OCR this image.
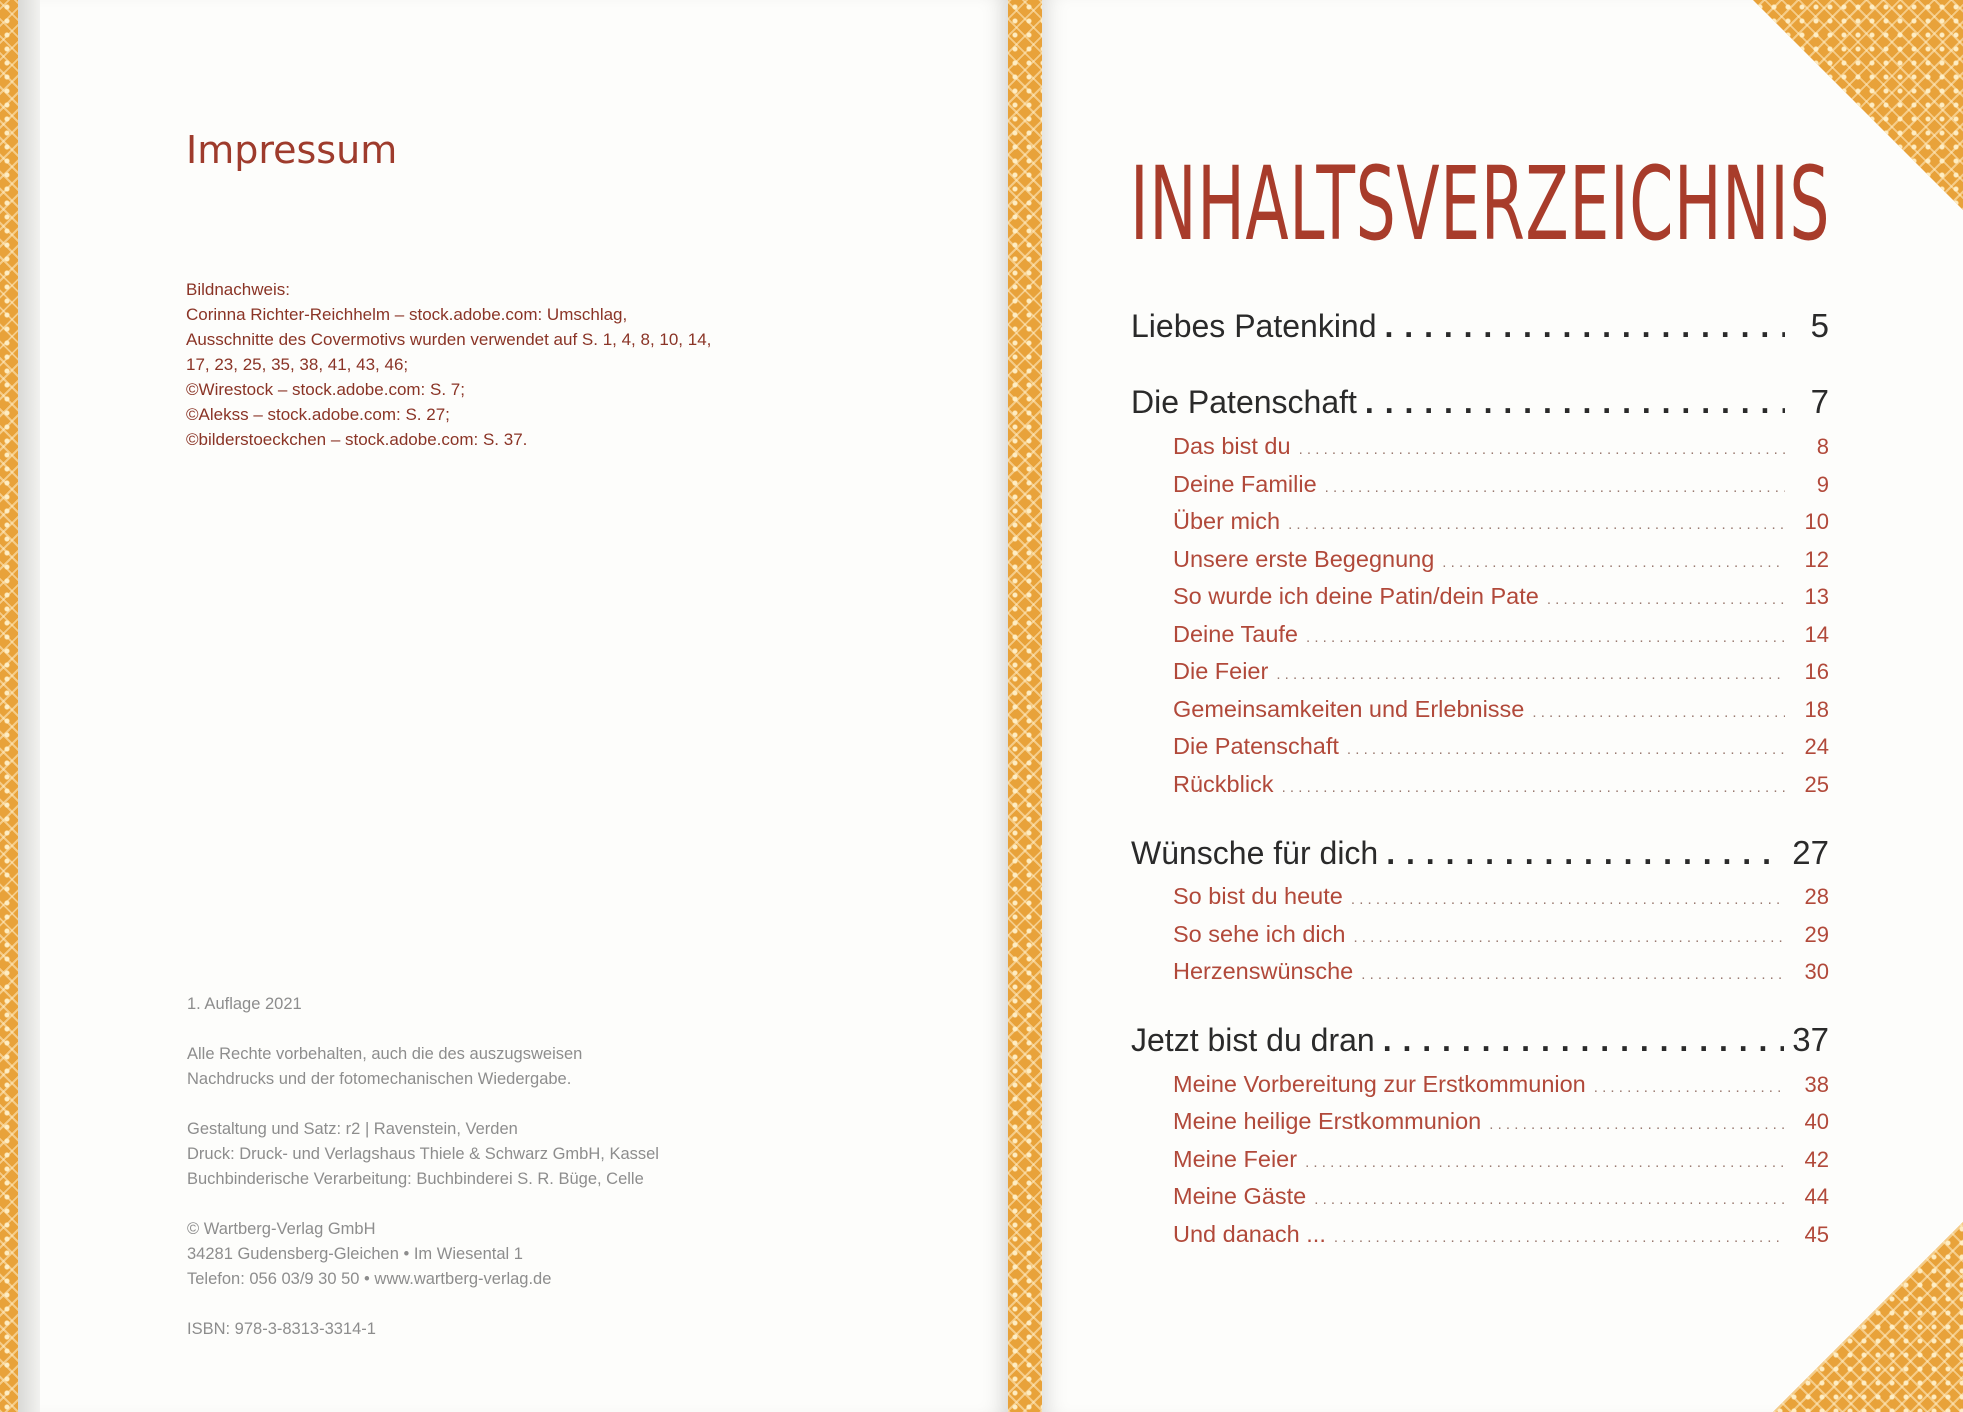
Impressum
Bildnachweis:
Corinna Richter-Reichhelm – stock.adobe.com: Umschlag,
Ausschnitte des Covermotivs wurden verwendet auf S. 1, 4, 8, 10, 14,
17, 23, 25, 35, 38, 41, 43, 46;
©Wirestock – stock.adobe.com: S. 7;
©Alekss – stock.adobe.com: S. 27;
©bilderstoeckchen – stock.adobe.com: S. 37.
1. Auflage 2021
Alle Rechte vorbehalten, auch die des auszugsweisen
Nachdrucks und der fotomechanischen Wiedergabe.
Gestaltung und Satz: r2 | Ravenstein, Verden
Druck: Druck- und Verlagshaus Thiele & Schwarz GmbH, Kassel
Buchbinderische Verarbeitung: Buchbinderei S. R. Büge, Celle
© Wartberg-Verlag GmbH
34281 Gudensberg-Gleichen • Im Wiesental 1
Telefon: 056 03/9 30 50 • www.wartberg-verlag.de
ISBN: 978-3-8313-3314-1
INHALTSVERZEICHNIS
Liebes Patenkind . . .	5
Die Patenschaft . . .	7
Das bist du . . .	8
Deine Familie . . .	9
Über mich . . .	10
Unsere erste Begegnung . . .	12
So wurde ich deine Patin/dein Pate . . .	13
Deine Taufe . . .	14
Die Feier . . .	16
Gemeinsamkeiten und Erlebnisse . . .	18
Die Patenschaft . . .	24
Rückblick . . .	25
Wünsche für dich . . .	27
So bist du heute . . .	28
So sehe ich dich . . .	29
Herzenswünsche . . .	30
Jetzt bist du dran . . .	37
Meine Vorbereitung zur Erstkommunion . . .	38
Meine heilige Erstkommunion . . .	40
Meine Feier . . .	42
Meine Gäste . . .	44
Und danach ... . . .	45
